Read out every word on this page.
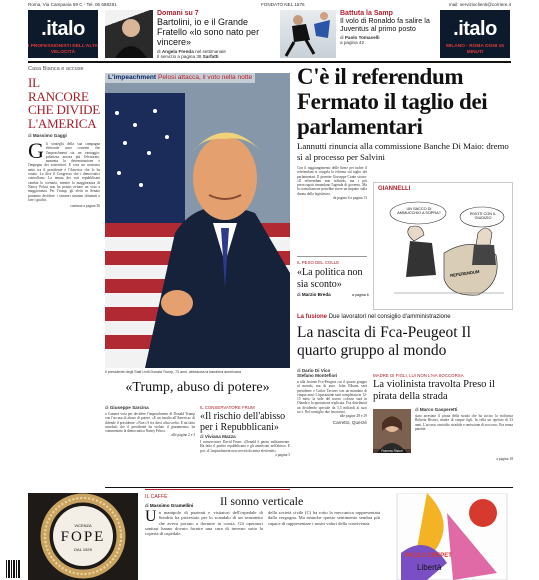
Roma, Via Campania 59 C - Tel. 06 688281	FONDATO NEL 1876	mail: servizioclienti@corriere.it
.italo
I PROFESSIONISTI DELL'ALTA VELOCITÀ
.italo
MILANO - ROMA OGNI 15 MINUTI
Domani su 7
Bartolini, io e il Grande Fratello «lo sono nato per vincere»
di Angela Frenda nel settimanale
Il servizio a pagina 38 Sarfatti
Battuta la Samp
Il volo di Ronaldo fa salire la Juventus al primo posto
di Paolo Tomaselli
a pagina 42
Casa Bianca e accuse
IL RANCORE CHE DIVIDE L'AMERICA
di Massimo Gaggi
Gli strateghi della sua campagna elettorale sono convinti che l'impeachment sia un vantaggio: polarizza ancora più l'elettorato, aumenta la determinazione e l'impegno dei sostenitori. E crea un contrasto netto tra il presidente e l'America che lo ha votato. Lo dice il Congresso che i democratici controllano. La tenuta dei voti repubblicani cambia lo scenario, mentre la maggioranza di Nancy Pelosi non ha potuto evitare un voto a maggioranza. Per Trump, gli eletti in Senato potranno decidere: i senatori saranno chiamati a fare i giudici.
continua a pagina 36
L'impeachment Pelosi attacca, il voto nella notte
Il presidente degli Stati Uniti Donald Trump, 73 anni, abbraccia la bandiera americana
C'è il referendum Fermato il taglio dei parlamentari
Lannutti rinuncia alla commissione Banche Di Maio: dremo sì al processo per Salvini
Con il raggiungimento delle firme per indire il referendum si congela la riforma sul taglio dei parlamentari. Il premier Giuseppe Conte sicuro: «Il referendum non influirà» ma i più preoccupati rimandano l'agenda di governo. Ma la consultazione potrebbe avere un impatto sulla durata della legislatura.
da pagina 6 a pagina 13
IL PESO DEL COLLE
«La politica non sia sconto»
di Marzio Breda	a pagina 6
GIANNELLI
UN SACCO DI AMMUCCHIO A SOPRA?	RIVOTI CON IL GIUDIZIO
REFERENDUM
La fusione Due lavoratori nel consiglio d'amministrazione
La nascita di Fca-Peugeot Il quarto gruppo al mondo
«Trump, abuso di potere»
di Giuseppe Sarcina
a Camera vota per decidere l'impeachment di Donald Trump con l'accusa di abuso di potere. «E un insulto all'America» di difende il presidente. «Non c'è fra dieci altra scelta. E un fatto assodato che il presidente ha violato il giuramento» ha commentato la democratica Nancy Pelosi.
alle pagine 2 e 3
IL CONSERVATORE FRUM
«Il rischio dell'abisso per i Repubblicani»
di Viviana Mazza
I conservatore David Frum: «Donald è pazzo militarmente. Ha fatto il partito repubblicano e gli americani nell'abisso. E poi: «L'impeachment non servirà da arma elettorale».
a pagina 3
di Dario Di Vico
Stefano Montefiori
n alla fusione Fca-Peugeot cui il quarto gruppo al mondo, ma di auto. John Elkann sarà presidente e Carlos Tavares con un mandato di cinque anni. L'operazione sarà completata in 12-15 mesi, la sede del nuovo colosso sarà in Olanda e la quotazione triplicata. Fca distribuirà un dividendo speciale da 5,5 miliardi ai suoi soci. Nel consiglio due lavoratori.
alle pagine 28 e 29
Carretto, Querzé
MADRE DI FIGLI, LUI NON L'HA SOCCORSA
La violinista travolta Preso il pirata della strada
Roberta Ristori
di Marco Gasperetti
stato arrestato il pirata della strada che ha ucciso la violinista Roberta Ristori, madre di cinque figli. In cella un operaio di 33 anni. L'accusa: omicidio stradale e omissione di soccorso. Era senza patente.
a pagina 18
VICENZA
FOPE
DAL 1929
IL CAFFÈ	Il sonno verticale
di Massimo Gramellini
Un manipolo di pazienti e visitatori dell'ospedale di Sondrio ha protestato per lo scandalo di un senzatetto che aveva portato a dormire in corsia. Gli operatori sanitari hanno dovuto fornire una cura di inverno sotto la coperta di ospedale.
della società civile (C) ha rotto la meccanica rappresentata dalla vergogna. Ma neanche questo sentimento sembra più capace di rappresentare i nostri valori della convivenza.
PAOLO CREPET
Libertà
